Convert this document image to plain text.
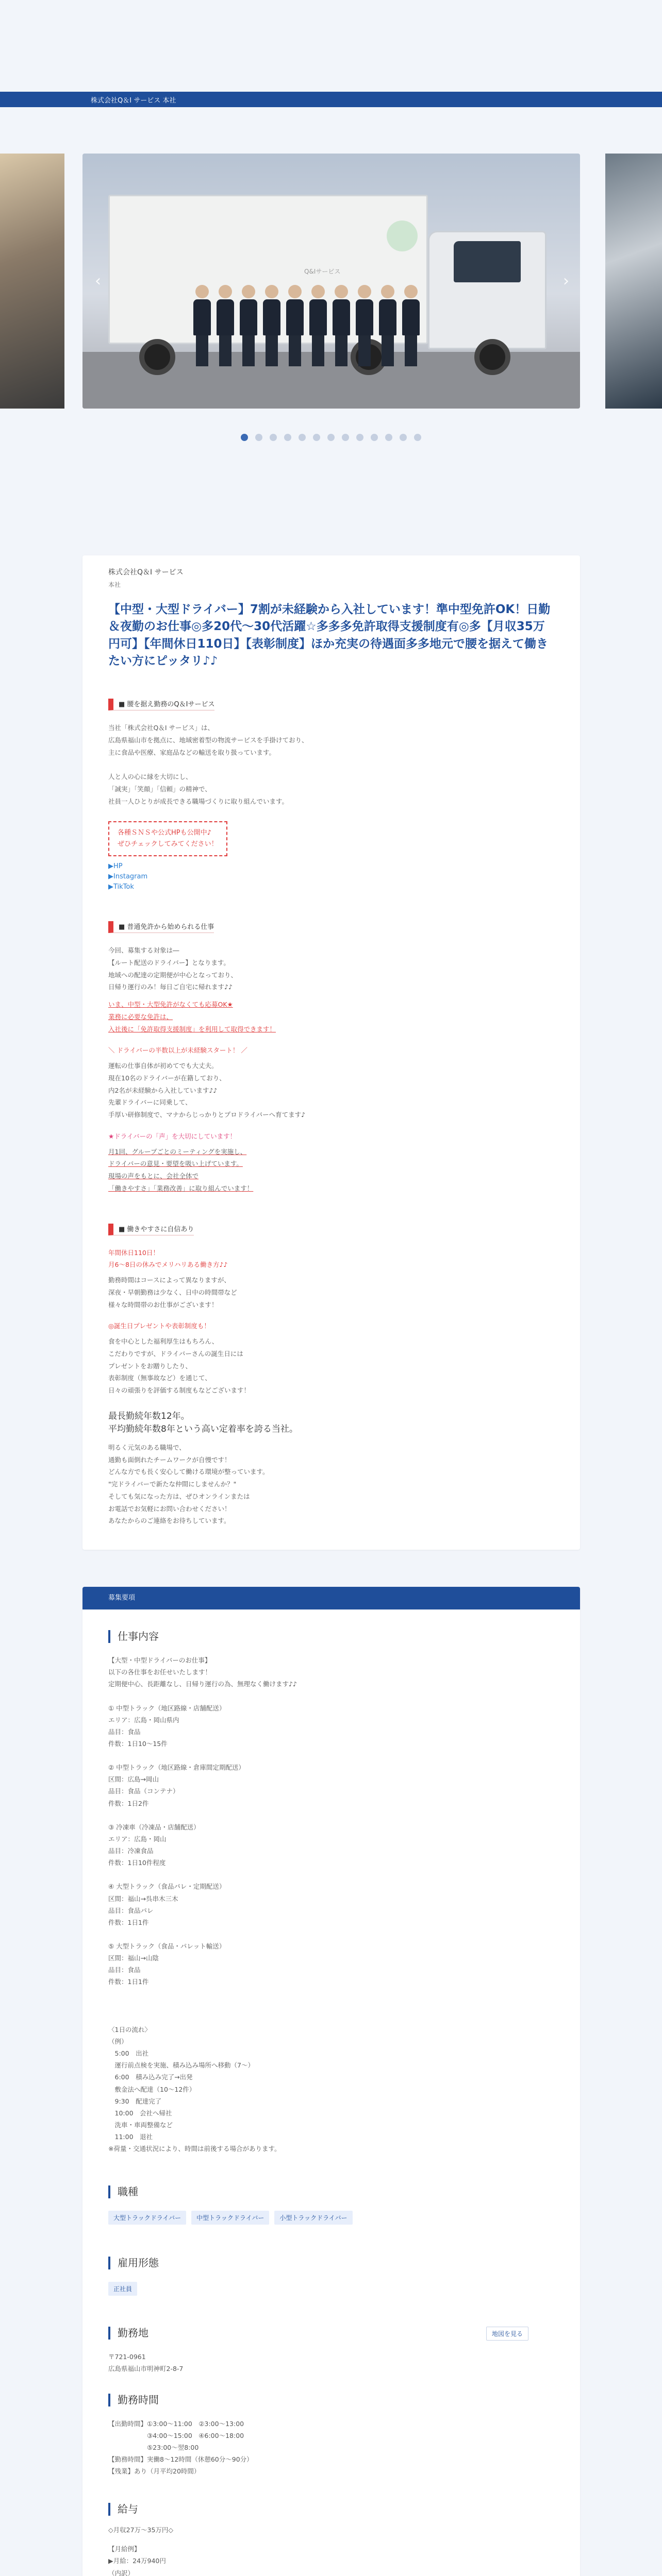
株式会社Q＆I サービス 本社
Q&Iサービス
‹	›
株式会社Q＆I サービス
本社
【中型・大型ドライバー】7割が未経験から入社しています！準中型免許OK！日勤＆夜勤のお仕事◎多20代〜30代活躍☆多多多免許取得支援制度有◎多【月収35万円可】【年間休日110日】【表彰制度】ほか充実の待遇面多多地元で腰を据えて働きたい方にピッタリ♪♪
■ 腰を据え勤務のQ＆Iサービス
当社「株式会社Q＆I サービス」は、
広島県福山市を拠点に、地域密着型の物流サービスを手掛けており、
主に食品や医療、家庭品などの輸送を取り扱っています。

人と人の心に縁を大切にし、
「誠実」「笑顔」「信頼」の精神で、
社員一人ひとりが成長できる職場づくりに取り組んでいます。
各種ＳＮＳや公式HPも公開中♪
ぜひチェックしてみてください！
▶HP
▶Instagram
▶TikTok
■ 普通免許から始められる仕事
今回、募集する対象は―
【ルート配送のドライバー】となります。
地域への配達の定期便が中心となっており、
日帰り運行のみ！毎日ご自宅に帰れます♪♪
いま、中型・大型免許がなくても応募OK★
業務に必要な免許は、
入社後に「免許取得支援制度」を利用して取得できます！
＼ ドライバーの半数以上が未経験スタート！ ／
運転の仕事自体が初めてでも大丈夫。
現在10名のドライバーが在籍しており、
内2名が未経験から入社しています♪♪
先輩ドライバーに同乗して、
手厚い研修制度で、マナからじっかりとプロドライバーへ育てます♪
★ドライバーの「声」を大切にしています！
月1回、グループごとのミーティングを実施し、
ドライバーの意見・要望を吸い上げています。
現場の声をもとに、会社全体で
「働きやすさ」「業務改善」に取り組んでいます！
■ 働きやすさに自信あり
年間休日110日！
月6〜8日の休みでメリハリある働き方♪♪
勤務時間はコースによって異なりますが、
深夜・早朝勤務は少なく、日中の時間帯など
様々な時間帯のお仕事がございます！
◎誕生日プレゼントや表彰制度も！
食を中心とした福利厚生はもちろん、
こだわりですが、ドライバーさんの誕生日には
プレゼントをお贈りしたり、
表彰制度（無事故など）を通じて、
日々の頑張りを評価する制度もなどございます！
最長勤続年数12年。
平均勤続年数8年という高い定着率を誇る当社。
明るく元気のある職場で、
通勤も面倒れたチームワークが自慢です！
どんな方でも長く安心して働ける環境が整っています。
"完ドライバーで新たな仲間にしませんか？"
そしても気になった方は、ぜひオンラインまたは
お電話でお気軽にお問い合わせください！
あなたからのご連絡をお待ちしています。
募集要項
仕事内容
【大型・中型ドライバーのお仕事】
以下の各仕事をお任せいたします！
定期便中心、長距離なし、日帰り運行の為、無理なく働けます♪♪

① 中型トラック（地区路線・店舗配送）
エリア：広島・岡山県内
品目：食品
件数：1日10〜15件

② 中型トラック（地区路線・倉庫間定期配送）
区間：広島→岡山
品目：食品（コンテナ）
件数：1日2件

③ 冷凍車（冷凍品・店舗配送）
エリア：広島・岡山
品目：冷凍食品
件数：1日10件程度

④ 大型トラック（食品パレ・定期配送）
区間：福山→呉串木三木
品目：食品パレ
件数：1日1件

⑤ 大型トラック（食品・パレット輸送）
区間：福山→山陰
品目：食品
件数：1日1件

〈1日の流れ〉
（例）
　5:00　出社
　運行前点検を実施、積み込み場所へ移動（7〜）
　6:00　積み込み完了→出発
　敷金法へ配達（10〜12件）
　9:30　配達完了
　10:00　会社へ帰社
　洗車・車両整備など
　11:00　退社
※荷量・交通状況により、時間は前後する場合があります。
職種
大型トラックドライバー	中型トラックドライバー	小型トラックドライバー
雇用形態
正社員
勤務地	地図を見る
〒721-0961
広島県福山市明神町2-8-7
勤務時間
【出勤時間】①3:00〜11:00　②3:00〜13:00
　　　　　　③4:00〜15:00　④6:00〜18:00
　　　　　　⑤23:00〜翌8:00
【勤務時間】実働8〜12時間（休憩60分〜90分）
【残業】あり（月平均20時間）
給与
◇月収27万〜35万円◇
【月給例】
▶月給：24万940円
（内訳）
